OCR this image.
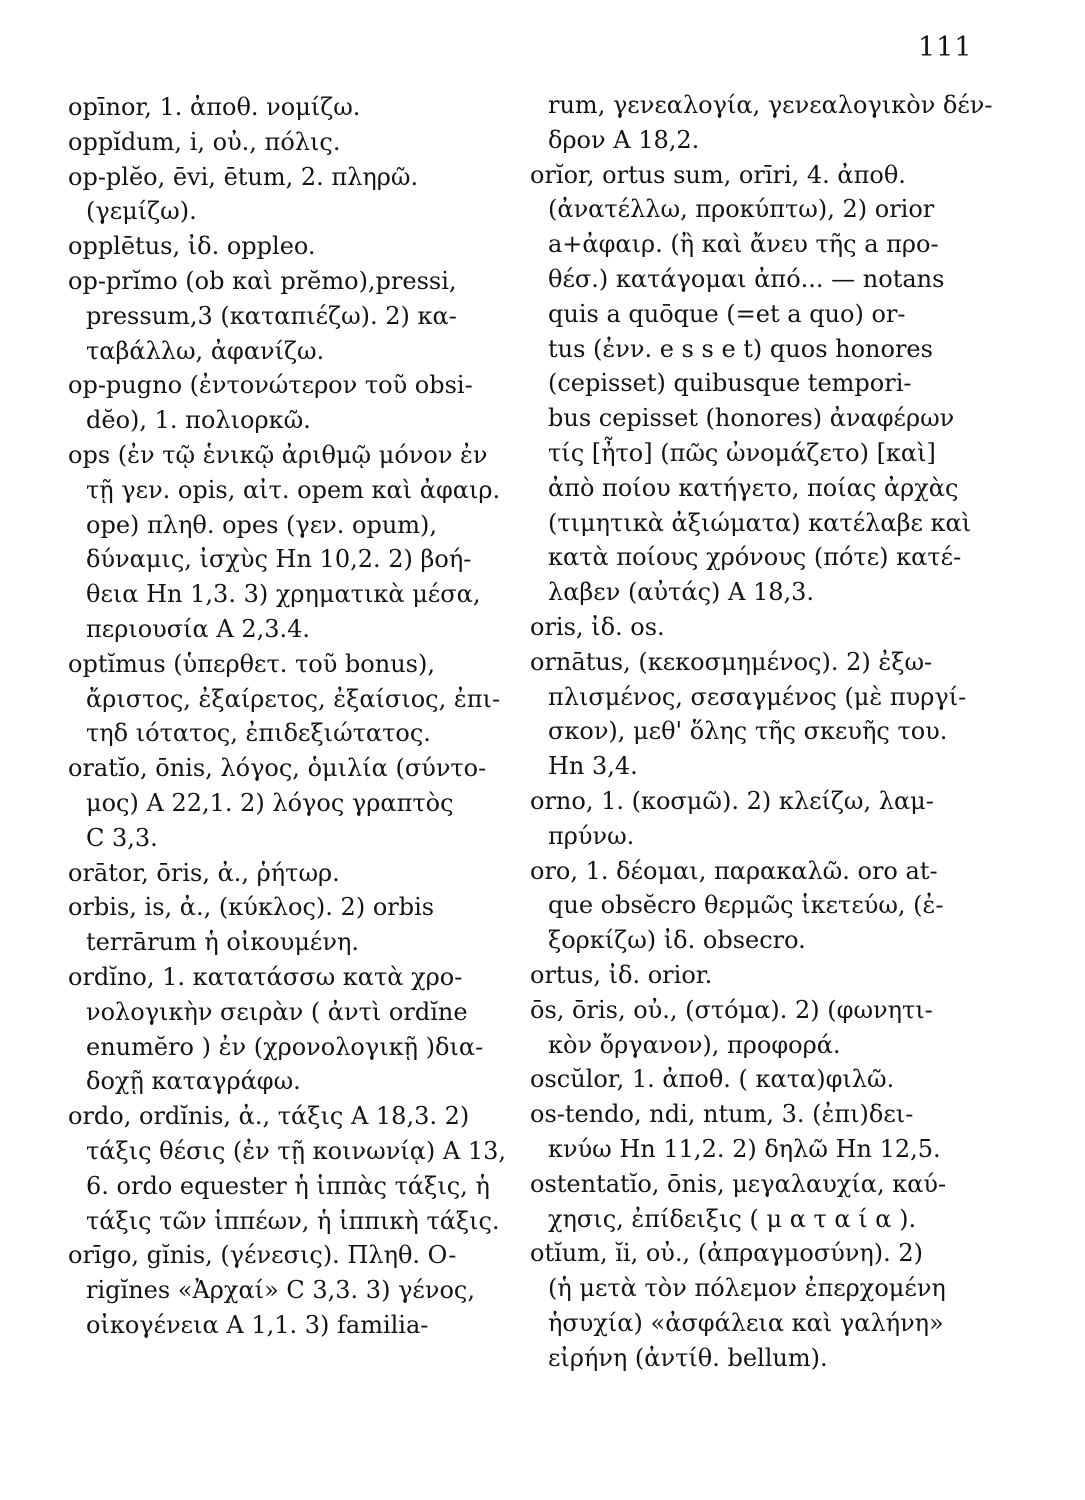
111
opīnor, 1. ἀποθ. νομίζω.
oppĭdum, i, οὐ., πόλις.
op-plĕo, ēvi, ētum, 2. πληρῶ.
(γεμίζω).
opplētus, ἰδ. oppleo.
op-prĭmo (ob καὶ prĕmo),pressi,
pressum,3 (καταπιέζω). 2) κα-
ταβάλλω, ἀφανίζω.
op-pugno (ἐντονώτερον τοῦ obsi-
dĕo), 1. πολιορκῶ.
ops (ἐν τῷ ἑνικῷ ἀριθμῷ μόνον ἐν
τῇ γεν. opis, αἰτ. opem καὶ ἀφαιρ.
ope) πληθ. opes (γεν. opum),
δύναμις, ἰσχὺς Hn 10,2. 2) βοή-
θεια Hn 1,3. 3) χρηματικὰ μέσα,
περιουσία A 2,3.4.
optĭmus (ὑπερθετ. τοῦ bonus),
ἄριστος, ἐξαίρετος, ἐξαίσιος, ἐπι-
τηδ ιότατος, ἐπιδεξιώτατος.
oratĭo, ōnis, λόγος, ὁμιλία (σύντο-
μος) A 22,1. 2) λόγος γραπτὸς
C 3,3.
orātor, ōris, ἀ., ῥήτωρ.
orbis, is, ἀ., (κύκλος). 2) orbis
terrārum ἡ οἰκουμένη.
ordĭno, 1. κατατάσσω κατὰ χρο-
νολογικὴν σειρὰν ( ἀντὶ ordĭne
enumĕro ) ἐν (χρονολογικῇ )δια-
δοχῇ καταγράφω.
ordo, ordĭnis, ἀ., τάξις A 18,3. 2)
τάξις θέσις (ἐν τῇ κοινωνίᾳ) A 13,
6. ordo equester ἡ ἱππὰς τάξις, ἡ
τάξις τῶν ἱππέων, ἡ ἱππικὴ τάξις.
orīgo, gĭnis, (γένεσις). Πληθ. O-
rigĭnes «Ἀρχαί» C 3,3. 3) γένος,
οἰκογένεια A 1,1. 3) familia-
rum, γενεαλογία, γενεαλογικὸν δέν-
δρον A 18,2.
orĭor, ortus sum, orīri, 4. ἀποθ.
(ἀνατέλλω, προκύπτω), 2) orior
a+ἀφαιρ. (ἢ καὶ ἄνευ τῆς a προ-
θέσ.) κατάγομαι ἀπό... — notans
quis a quōque (=et a quo) or-
tus (ἐνν. e s s e t) quos honores
(cepisset) quibusque tempori-
bus cepisset (honores) ἀναφέρων
τίς [ἦτο] (πῶς ὠνομάζετο) [καὶ]
ἀπὸ ποίου κατήγετο, ποίας ἀρχὰς
(τιμητικὰ ἀξιώματα) κατέλαβε καὶ
κατὰ ποίους χρόνους (πότε) κατέ-
λαβεν (αὐτάς) A 18,3.
oris, ἰδ. os.
ornātus, (κεκοσμημένος). 2) ἐξω-
πλισμένος, σεσαγμένος (μὲ πυργί-
σκον), μεθ' ὅλης τῆς σκευῆς του.
Hn 3,4.
orno, 1. (κοσμῶ). 2) κλείζω, λαμ-
πρύνω.
oro, 1. δέομαι, παρακαλῶ. oro at-
que obsĕcro θερμῶς ἱκετεύω, (ἐ-
ξορκίζω) ἰδ. obsecro.
ortus, ἰδ. orior.
ōs, ōris, οὐ., (στόμα). 2) (φωνητι-
κὸν ὄργανον), προφορά.
oscŭlor, 1. ἀποθ. ( κατα)φιλῶ.
os-tendo, ndi, ntum, 3. (ἐπι)δει-
κνύω Hn 11,2. 2) δηλῶ Hn 12,5.
ostentatĭo, ōnis, μεγαλαυχία, καύ-
χησις, ἐπίδειξις ( μ α τ α ί α ).
otĭum, ĭi, οὐ., (ἀπραγμοσύνη). 2)
(ἡ μετὰ τὸν πόλεμον ἐπερχομένη
ἡσυχία) «ἀσφάλεια καὶ γαλήνη»
εἰρήνη (ἀντίθ. bellum).
